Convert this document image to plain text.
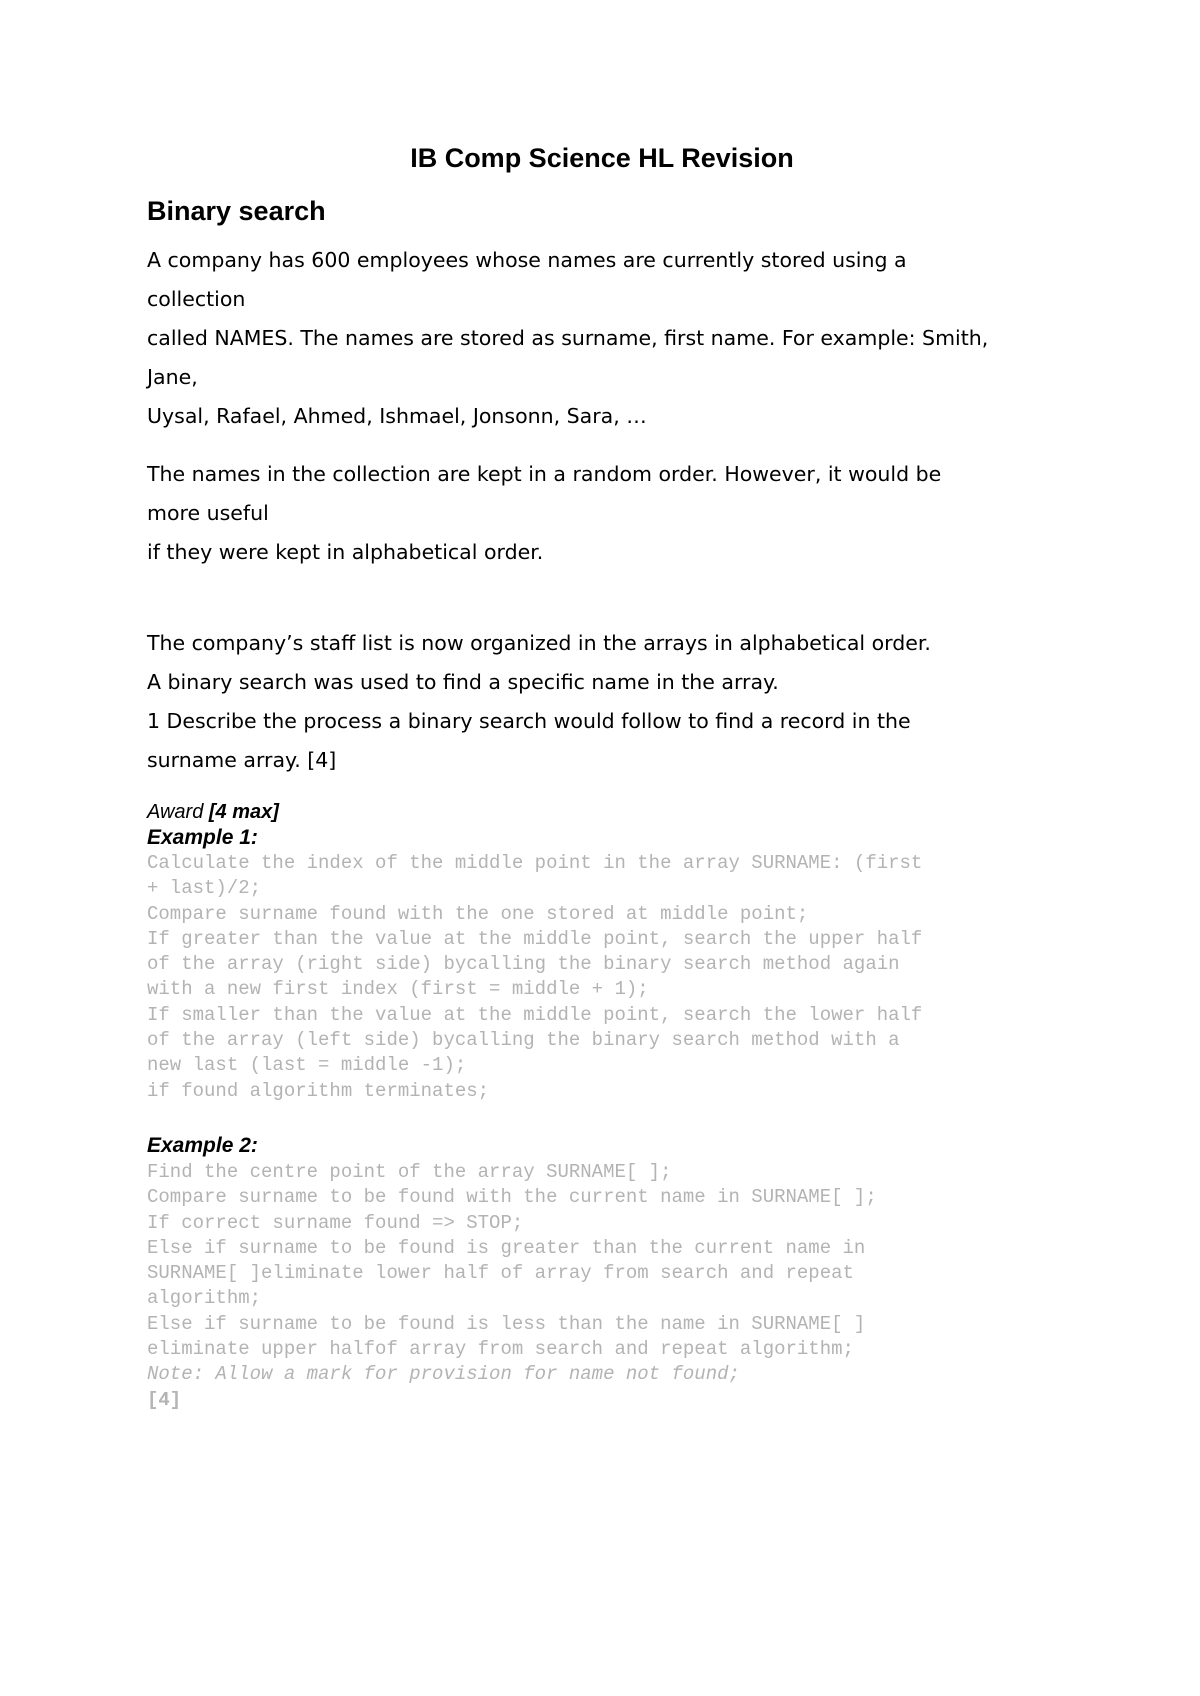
IB Comp Science HL Revision
Binary search

A company has 600 employees whose names are currently stored using a
collection
called NAMES. The names are stored as surname, first name. For example: Smith,
Jane,
Uysal, Rafael, Ahmed, Ishmael, Jonsonn, Sara, …

The names in the collection are kept in a random order. However, it would be
more useful
if they were kept in alphabetical order.

The company’s staff list is now organized in the arrays in alphabetical order.
A binary search was used to find a specific name in the array.
1 Describe the process a binary search would follow to find a record in the
surname array. [4]

Award [4 max]
Example 1:
Calculate the index of the middle point in the array SURNAME: (first
+ last)/2;
Compare surname found with the one stored at middle point;
If greater than the value at the middle point, search the upper half
of the array (right side) bycalling the binary search method again
with a new first index (first = middle + 1);
If smaller than the value at the middle point, search the lower half
of the array (left side) bycalling the binary search method with a
new last (last = middle -1);
if found algorithm terminates;
Example 2:
Find the centre point of the array SURNAME[ ];
Compare surname to be found with the current name in SURNAME[ ];
If correct surname found => STOP;
Else if surname to be found is greater than the current name in
SURNAME[ ]eliminate lower half of array from search and repeat
algorithm;
Else if surname to be found is less than the name in SURNAME[ ]
eliminate upper halfof array from search and repeat algorithm;
Note: Allow a mark for provision for name not found;
[4]
